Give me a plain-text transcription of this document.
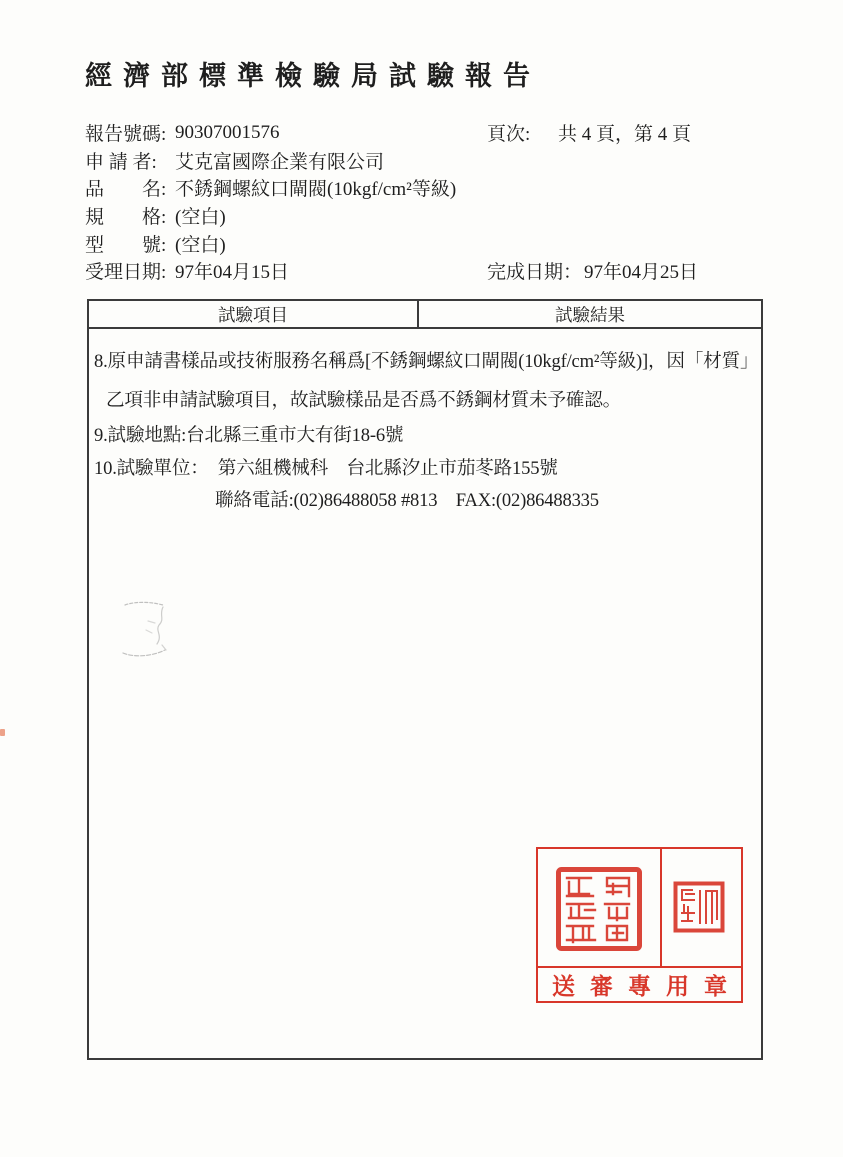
經濟部標準檢驗局試驗報告
報告號碼: 90307001576
申 請 者: 艾克富國際企業有限公司
品　　名: 不銹鋼螺紋口閘閥(10kgf/cm²等級)
規　　格: (空白)
型　　號: (空白)
受理日期: 97年04月15日
頁次:	共 4 頁，第 4 頁
完成日期： 97年04月25日
試驗項目	試驗結果
8.原申請書樣品或技術服務名稱爲[不銹鋼螺紋口閘閥(10kgf/cm²等級)]，因「材質」
乙項非申請試驗項目，故試驗樣品是否爲不銹鋼材質未予確認。
9.試驗地點:台北縣三重市大有街18-6號
10.試驗單位：　第六組機械科　台北縣汐止市茄苳路155號
聯絡電話:(02)86488058 #813　FAX:(02)86488335
送審專用章
